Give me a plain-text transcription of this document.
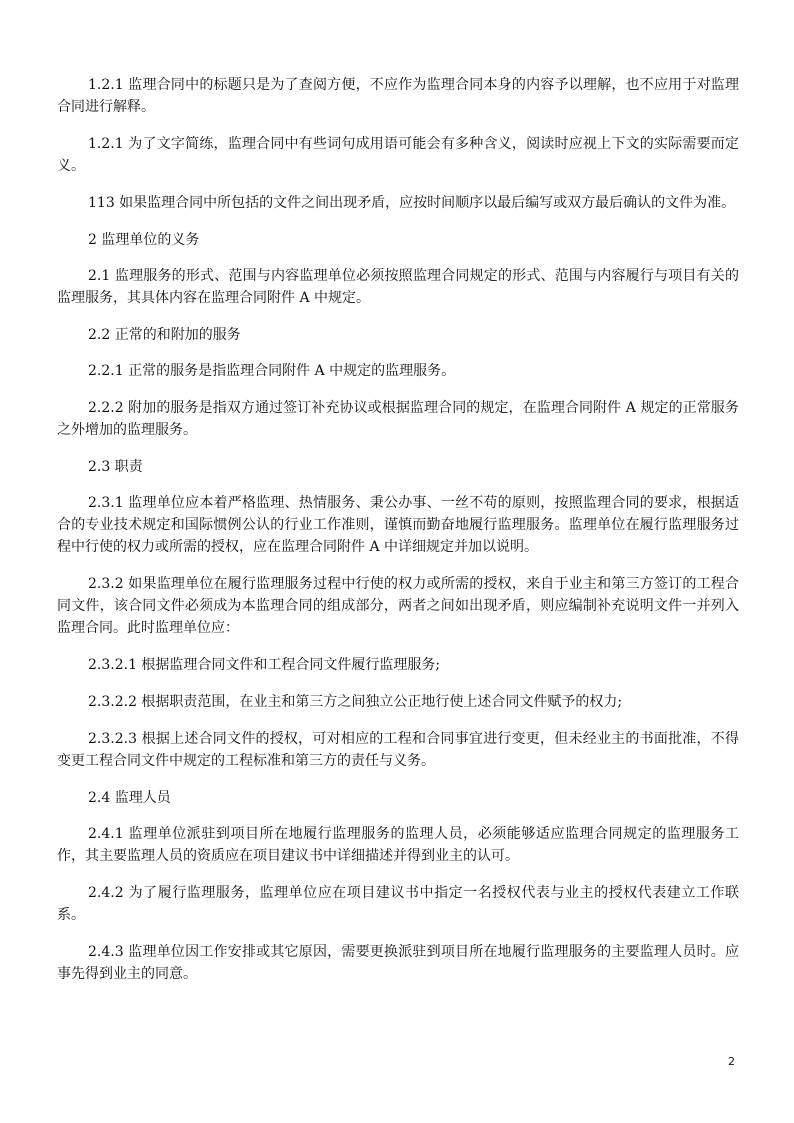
1.2.1 监理合同中的标题只是为了查阅方便，不应作为监理合同本身的内容予以理解，也不应用于对监理合同进行解释。

1.2.1 为了文字简练，监理合同中有些词句成用语可能会有多种含义，阅读时应视上下文的实际需要而定义。

113 如果监理合同中所包括的文件之间出现矛盾，应按时间顺序以最后编写或双方最后确认的文件为准。

2 监理单位的义务

2.1 监理服务的形式、范围与内容监理单位必须按照监理合同规定的形式、范围与内容履行与项目有关的监理服务，其具体内容在监理合同附件 A 中规定。

2.2 正常的和附加的服务

2.2.1 正常的服务是指监理合同附件 A 中规定的监理服务。

2.2.2 附加的服务是指双方通过签订补充协议或根据监理合同的规定，在监理合同附件 A 规定的正常服务之外增加的监理服务。

2.3 职责

2.3.1 监理单位应本着严格监理、热情服务、秉公办事、一丝不苟的原则，按照监理合同的要求，根据适合的专业技术规定和国际惯例公认的行业工作准则，谨慎而勤奋地履行监理服务。监理单位在履行监理服务过程中行使的权力或所需的授权，应在监理合同附件 A 中详细规定并加以说明。

2.3.2 如果监理单位在履行监理服务过程中行使的权力或所需的授权，来自于业主和第三方签订的工程合同文件，该合同文件必须成为本监理合同的组成部分，两者之间如出现矛盾，则应编制补充说明文件一并列入监理合同。此时监理单位应：

2.3.2.1 根据监理合同文件和工程合同文件履行监理服务;

2.3.2.2 根据职责范围，在业主和第三方之间独立公正地行使上述合同文件赋予的权力;

2.3.2.3 根据上述合同文件的授权，可对相应的工程和合同事宜进行变更，但未经业主的书面批准，不得变更工程合同文件中规定的工程标准和第三方的责任与义务。

2.4 监理人员

2.4.1 监理单位派驻到项目所在地履行监理服务的监理人员，必须能够适应监理合同规定的监理服务工作，其主要监理人员的资质应在项目建议书中详细描述并得到业主的认可。

2.4.2 为了履行监理服务，监理单位应在项目建议书中指定一名授权代表与业主的授权代表建立工作联系。

2.4.3 监理单位因工作安排或其它原因，需要更换派驻到项目所在地履行监理服务的主要监理人员时。应事先得到业主的同意。

2
